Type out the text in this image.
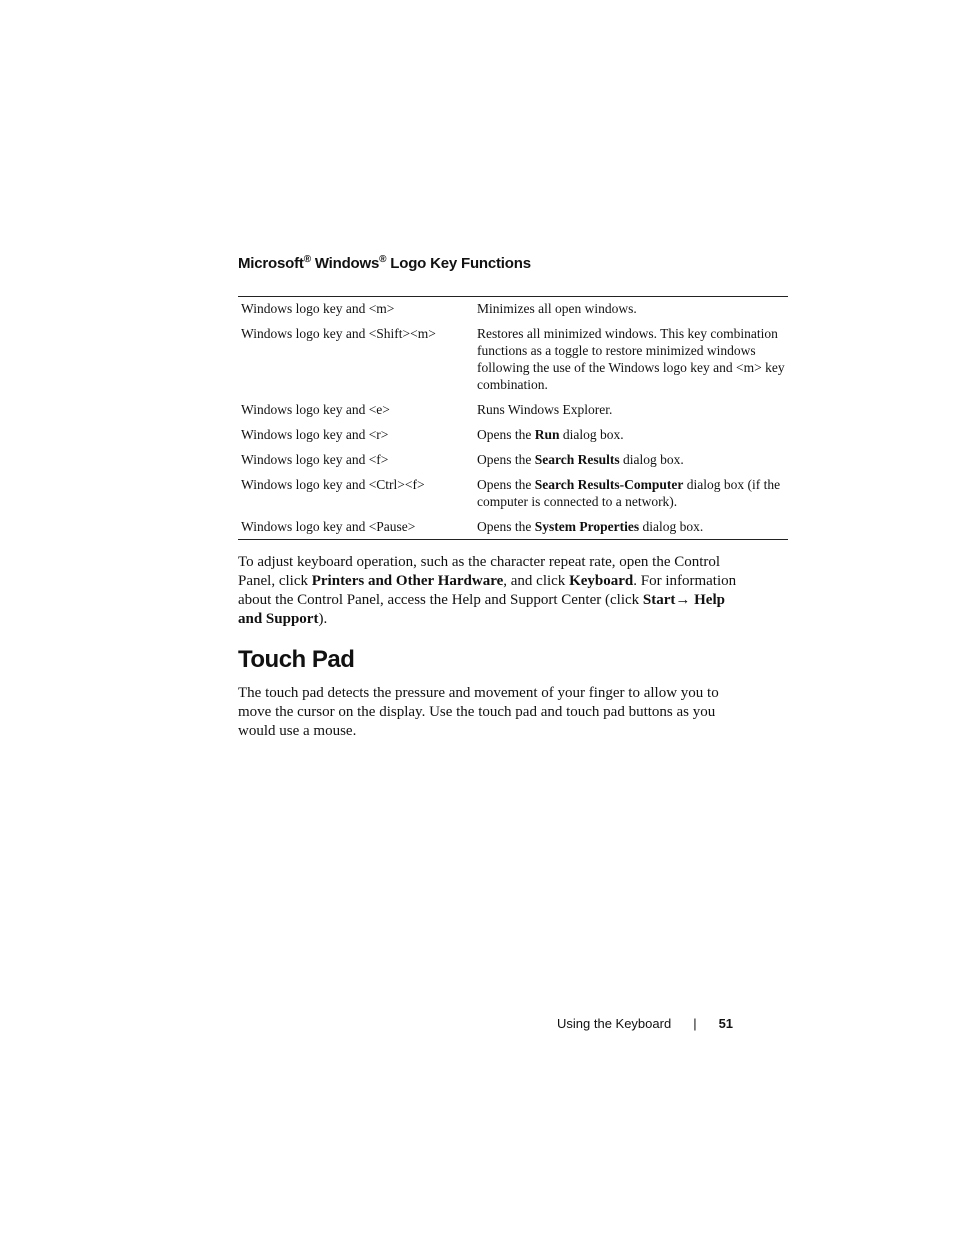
Microsoft® Windows® Logo Key Functions
Windows logo key and <m>	Minimizes all open windows.
Windows logo key and <Shift><m>	Restores all minimized windows. This key combination functions as a toggle to restore minimized windows following the use of the Windows logo key and <m> key combination.
Windows logo key and <e>	Runs Windows Explorer.
Windows logo key and <r>	Opens the Run dialog box.
Windows logo key and <f>	Opens the Search Results dialog box.
Windows logo key and <Ctrl><f>	Opens the Search Results-Computer dialog box (if the computer is connected to a network).
Windows logo key and <Pause>	Opens the System Properties dialog box.

To adjust keyboard operation, such as the character repeat rate, open the Control Panel, click Printers and Other Hardware, and click Keyboard. For information about the Control Panel, access the Help and Support Center (click Start→ Help and Support).

Touch Pad

The touch pad detects the pressure and movement of your finger to allow you to move the cursor on the display. Use the touch pad and touch pad buttons as you would use a mouse.

Using the Keyboard | 51
